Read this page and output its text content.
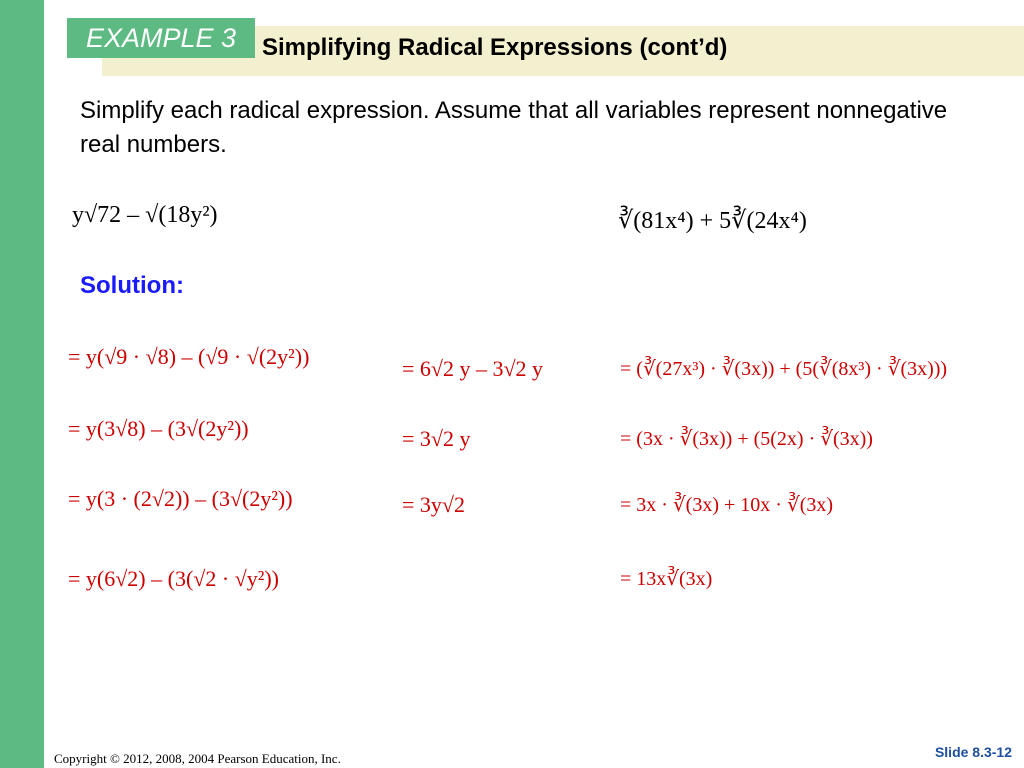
EXAMPLE 3	Simplifying Radical Expressions (cont’d)
Simplify each radical expression. Assume that all variables represent nonnegative real numbers.
y√72 – √(18y²)	∛(81x⁴) + 5∛(24x⁴)
Solution:
= y(√9 · √8) – (√9 · √(2y²))
= y(3√8) – (3√(2y²))
= y(3 · (2√2)) – (3√(2y²))
= y(6√2) – (3(√2 · √y²))
= 6√2 y – 3√2 y
= 3√2 y
= 3y√2
= (∛(27x³) · ∛(3x)) + (5(∛(8x³) · ∛(3x)))
= (3x · ∛(3x)) + (5(2x) · ∛(3x))
= 3x · ∛(3x) + 10x · ∛(3x)
= 13x∛(3x)
Copyright © 2012, 2008, 2004 Pearson Education, Inc.	Slide 8.3-12
